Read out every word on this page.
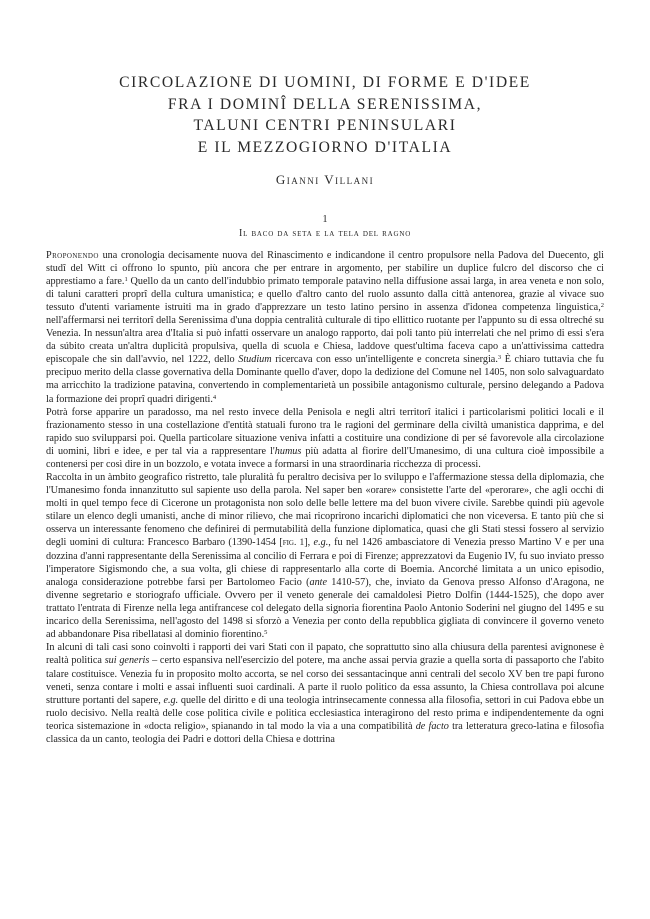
CIRCOLAZIONE DI UOMINI, DI FORME E D'IDEE
FRA I DOMINÎ DELLA SERENISSIMA,
TALUNI CENTRI PENINSULARI
E IL MEZZOGIORNO D'ITALIA
Gianni Villani
1
Il baco da seta e la tela del ragno

Proponendo una cronologia decisamente nuova del Rinascimento e indicandone il centro propulsore nella Padova del Duecento, gli studî del Witt ci offrono lo spunto, più ancora che per entrare in argomento, per stabilire un duplice fulcro del discorso che ci apprestiamo a fare.$^1$ Quello da un canto dell'indubbio primato temporale patavino nella diffusione assai larga, in area veneta e non solo, di taluni caratteri proprî della cultura umanistica; e quello d'altro canto del ruolo assunto dalla città antenorea, grazie al vivace suo tessuto d'utenti variamente istruiti ma in grado d'apprezzare un testo latino persino in assenza d'idonea competenza linguistica,$^2$ nell'affermarsi nei territorî della Serenissima d'una doppia centralità culturale di tipo ellittico ruotante per l'appunto su di essa oltreché su Venezia. In nessun'altra area d'Italia si può infatti osservare un analogo rapporto, dai poli tanto più interrelati che nel primo di essi s'era da súbito creata un'altra duplicità propulsiva, quella di scuola e Chiesa, laddove quest'ultima faceva capo a un'attivissima cattedra episcopale che sin dall'avvio, nel 1222, dello Studium ricercava con esso un'intelligente e concreta sinergia.$^3$ È chiaro tuttavia che fu precipuo merito della classe governativa della Dominante quello d'aver, dopo la dedizione del Comune nel 1405, non solo salvaguardato ma arricchito la tradizione patavina, convertendo in complementarietà un possibile antagonismo culturale, persino delegando a Padova la formazione dei proprî quadri dirigenti.$^4$

Potrà forse apparire un paradosso, ma nel resto invece della Penisola e negli altri territorî italici i particolarismi politici locali e il frazionamento stesso in una costellazione d'entità statuali furono tra le ragioni del germinare della civiltà umanistica dapprima, e del rapido suo svilupparsi poi. Quella particolare situazione veniva infatti a costituire una condizione di per sé favorevole alla circolazione di uomini, libri e idee, e per tal via a rappresentare l'humus più adatta al fiorire dell'Umanesimo, di una cultura cioè impossibile a contenersi per così dire in un bozzolo, e votata invece a formarsi in una straordinaria ricchezza di processi.

Raccolta in un àmbito geografico ristretto, tale pluralità fu peraltro decisiva per lo sviluppo e l'affermazione stessa della diplomazia, che l'Umanesimo fonda innanzitutto sul sapiente uso della parola. Nel saper ben «orare» consistette l'arte del «perorare», che agli occhi di molti in quel tempo fece di Cicerone un protagonista non solo delle belle lettere ma del buon vivere civile. Sarebbe quindi più agevole stilare un elenco degli umanisti, anche di minor rilievo, che mai ricoprirono incarichi diplomatici che non viceversa. E tanto più che si osserva un interessante fenomeno che definirei di permutabilità della funzione diplomatica, quasi che gli Stati stessi fossero al servizio degli uomini di cultura: Francesco Barbaro (1390-1454 [fig. 1], e.g., fu nel 1426 ambasciatore di Venezia presso Martino V e per una dozzina d'anni rappresentante della Serenissima al concilio di Ferrara e poi di Firenze; apprezzatovi da Eugenio IV, fu suo inviato presso l'imperatore Sigismondo che, a sua volta, gli chiese di rappresentarlo alla corte di Boemia. Ancorché limitata a un unico episodio, analoga considerazione potrebbe farsi per Bartolomeo Facio (ante 1410-57), che, inviato da Genova presso Alfonso d'Aragona, ne divenne segretario e storiografo ufficiale. Ovvero per il veneto generale dei camaldolesi Pietro Dolfin (1444-1525), che dopo aver trattato l'entrata di Firenze nella lega antifrancese col delegato della signoria fiorentina Paolo Antonio Soderini nel giugno del 1495 e su incarico della Serenissima, nell'agosto del 1498 si sforzò a Venezia per conto della repubblica gigliata di convincere il governo veneto ad abbandonare Pisa ribellatasi al dominio fiorentino.$^5$

In alcuni di tali casi sono coinvolti i rapporti dei vari Stati con il papato, che soprattutto sino alla chiusura della parentesi avignonese è realtà politica sui generis – certo espansiva nell'esercizio del potere, ma anche assai pervia grazie a quella sorta di passaporto che l'abito talare costituisce. Venezia fu in proposito molto accorta, se nel corso dei sessantacinque anni centrali del secolo XV ben tre papi furono veneti, senza contare i molti e assai influenti suoi cardinali. A parte il ruolo politico da essa assunto, la Chiesa controllava poi alcune strutture portanti del sapere, e.g. quelle del diritto e di una teologia intrinsecamente connessa alla filosofia, settori in cui Padova ebbe un ruolo decisivo. Nella realtà delle cose politica civile e politica ecclesiastica interagirono del resto prima e indipendentemente da ogni teorica sistemazione in «docta religio», spianando in tal modo la via a una compatibilità de facto tra letteratura greco-latina e filosofia classica da un canto, teologia dei Padri e dottori della Chiesa e dottrina
